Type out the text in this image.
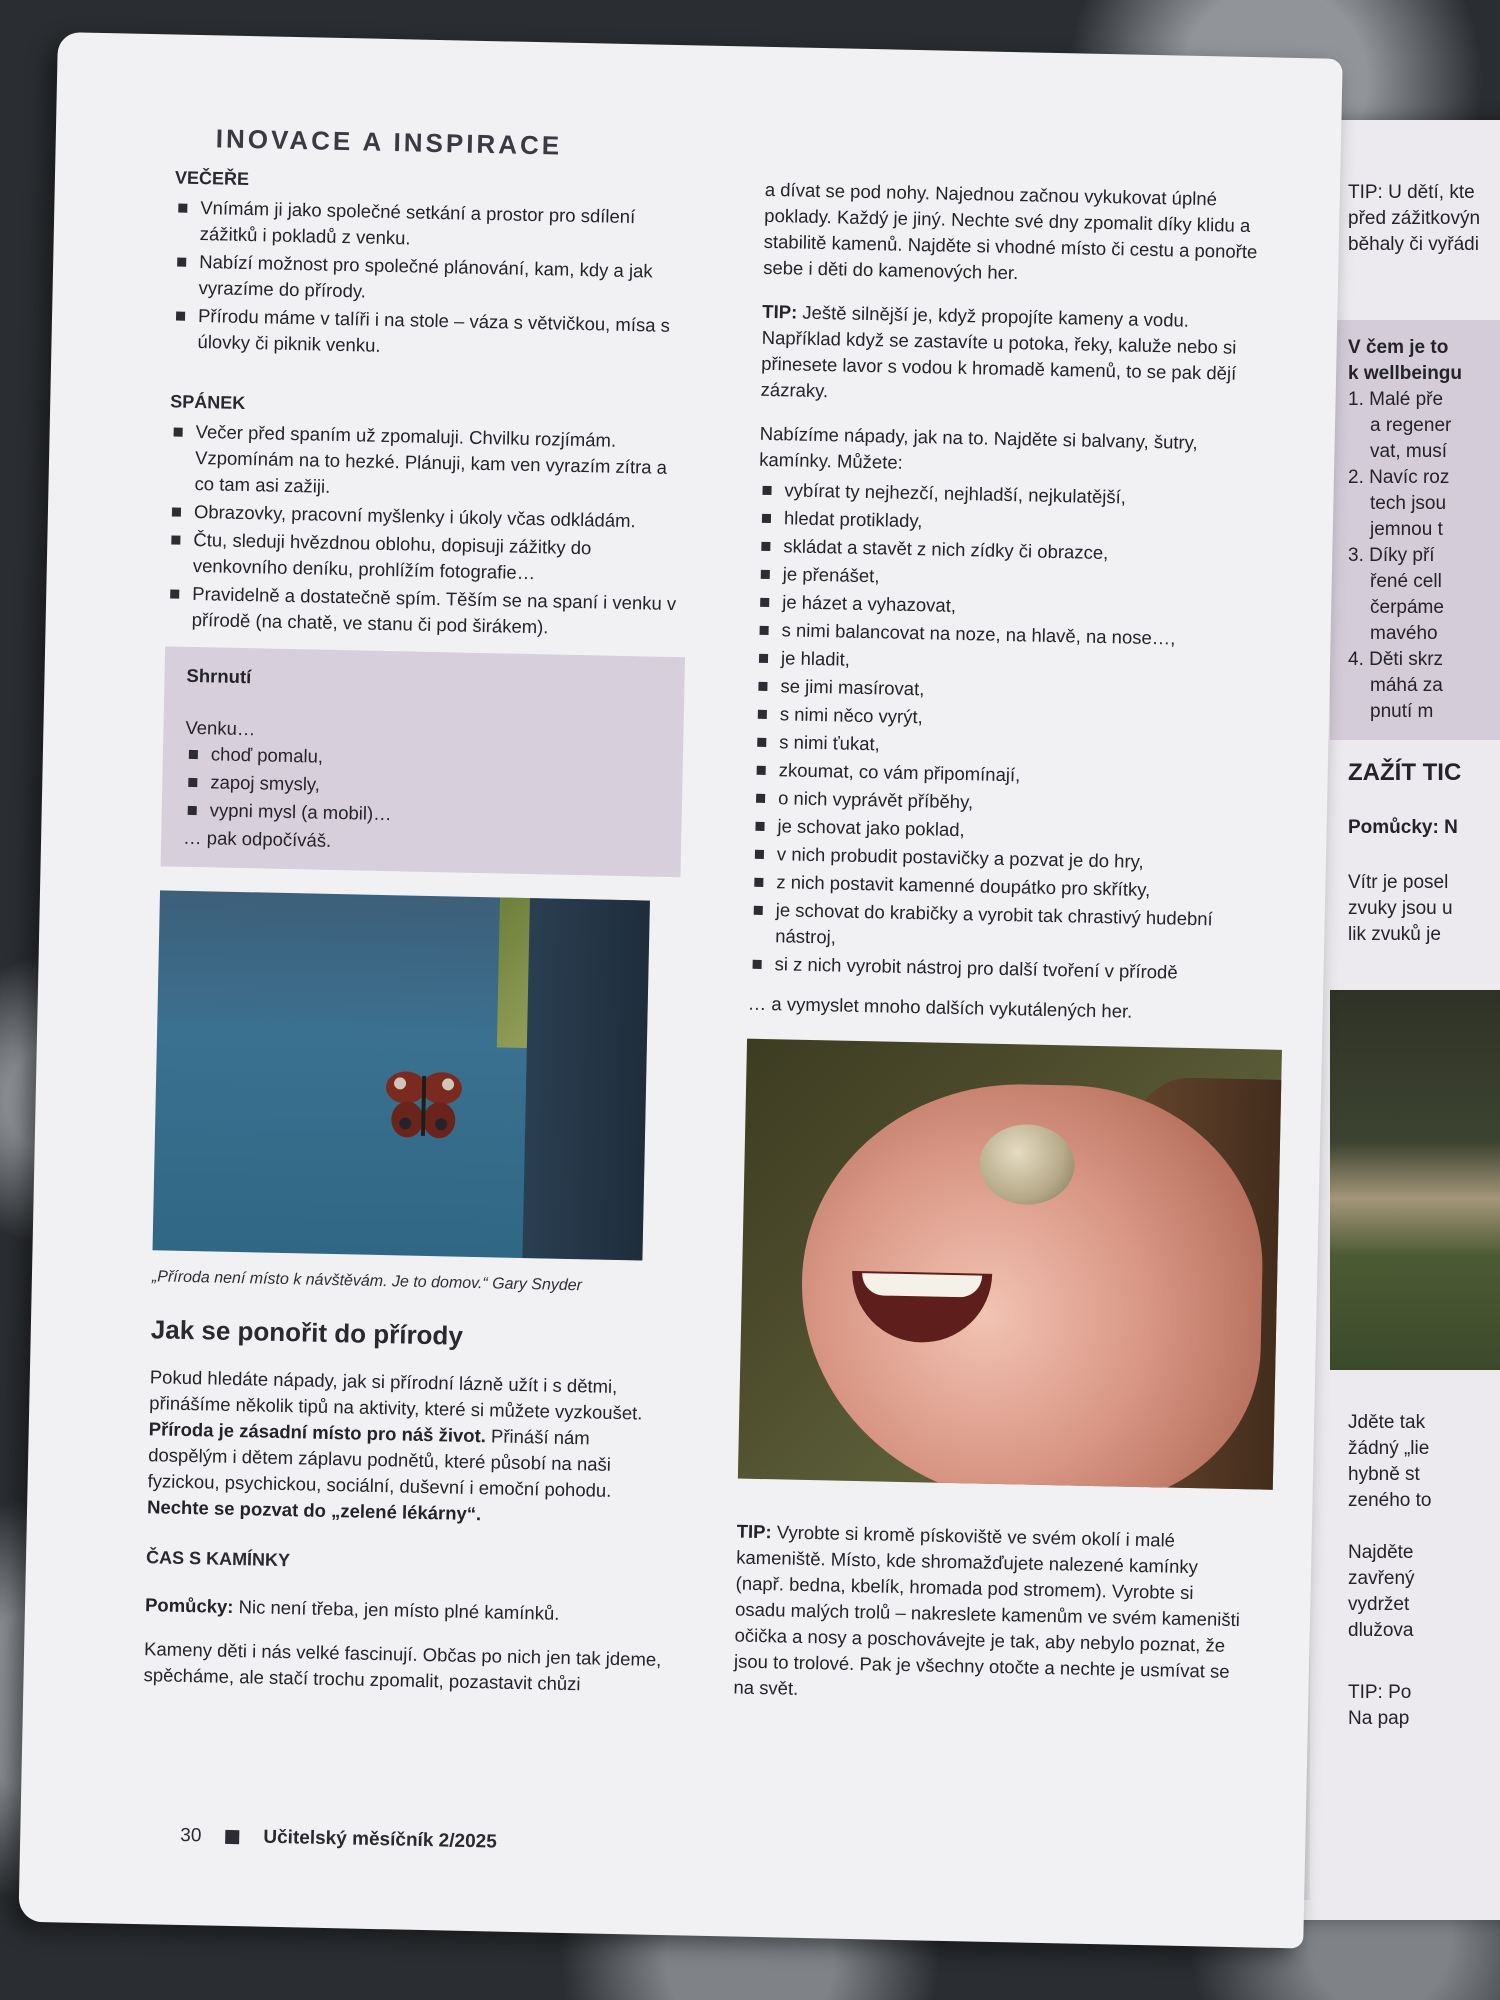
TIP: U dětí, kte
před zážitkovýn
běhaly či vyřádi
V čem je to
k wellbeingu
1. Malé pře
a regener
vat, musí
2. Navíc roz
tech jsou
jemnou t
3. Díky pří
řené cell
čerpáme
mavého
4. Děti skrz
máhá za
pnutí m
ZAŽÍT TIC
Pomůcky: N
Vítr je posel
zvuky jsou u
lik zvuků je
Jděte tak
žádný „lie
hybně st
zeného to
Najděte
zavřený
vydržet
dlužova
TIP: Po
Na pap
INOVACE A INSPIRACE
VEČEŘE
Vnímám ji jako společné setkání a prostor pro sdílení zážitků i pokladů z venku.
Nabízí možnost pro společné plánování, kam, kdy a jak vyrazíme do přírody.
Přírodu máme v talíři i na stole – váza s větvičkou, mísa s úlovky či piknik venku.
SPÁNEK
Večer před spaním už zpomaluji. Chvilku rozjímám. Vzpomínám na to hezké. Plánuji, kam ven vyrazím zítra a co tam asi zažiji.
Obrazovky, pracovní myšlenky i úkoly včas odkládám.
Čtu, sleduji hvězdnou oblohu, dopisuji zážitky do venkovního deníku, prohlížím fotografie…
Pravidelně a dostatečně spím. Těším se na spaní i venku v přírodě (na chatě, ve stanu či pod širákem).
Shrnutí
Venku…
choď pomalu,
zapoj smysly,
vypni mysl (a mobil)…
… pak odpočíváš.
„Příroda není místo k návštěvám. Je to domov.“ Gary Snyder
Jak se ponořit do přírody

Pokud hledáte nápady, jak si přírodní lázně užít i s dětmi, přinášíme několik tipů na aktivity, které si můžete vyzkoušet. Příroda je zásadní místo pro náš život. Přináší nám dospělým i dětem záplavu podnětů, které působí na naši fyzickou, psychickou, sociální, duševní i emoční pohodu. Nechte se pozvat do „zelené lékárny“.

ČAS S KAMÍNKY

Pomůcky: Nic není třeba, jen místo plné kamínků.

Kameny děti i nás velké fascinují. Občas po nich jen tak jdeme, spěcháme, ale stačí trochu zpomalit, pozastavit chůzi

a dívat se pod nohy. Najednou začnou vykukovat úplné poklady. Každý je jiný. Nechte své dny zpomalit díky klidu a stabilitě kamenů. Najděte si vhodné místo či cestu a ponořte sebe i děti do kamenových her.

TIP: Ještě silnější je, když propojíte kameny a vodu. Například když se zastavíte u potoka, řeky, kaluže nebo si přinesete lavor s vodou k hromadě kamenů, to se pak dějí zázraky.

Nabízíme nápady, jak na to. Najděte si balvany, šutry, kamínky. Můžete:

vybírat ty nejhezčí, nejhladší, nejkulatější,
hledat protiklady,
skládat a stavět z nich zídky či obrazce,
je přenášet,
je házet a vyhazovat,
s nimi balancovat na noze, na hlavě, na nose…,
je hladit,
se jimi masírovat,
s nimi něco vyrýt,
s nimi ťukat,
zkoumat, co vám připomínají,
o nich vyprávět příběhy,
je schovat jako poklad,
v nich probudit postavičky a pozvat je do hry,
z nich postavit kamenné doupátko pro skřítky,
je schovat do krabičky a vyrobit tak chrastivý hudební nástroj,
si z nich vyrobit nástroj pro další tvoření v přírodě

… a vymyslet mnoho dalších vykutálených her.

TIP: Vyrobte si kromě pískoviště ve svém okolí i malé kameniště. Místo, kde shromažďujete nalezené kamínky (např. bedna, kbelík, hromada pod stromem). Vyrobte si osadu malých trolů – nakreslete kamenům ve svém kameništi očička a nosy a poschovávejte je tak, aby nebylo poznat, že jsou to trolové. Pak je všechny otočte a nechte je usmívat se na svět.

30	Učitelský měsíčník 2/2025
